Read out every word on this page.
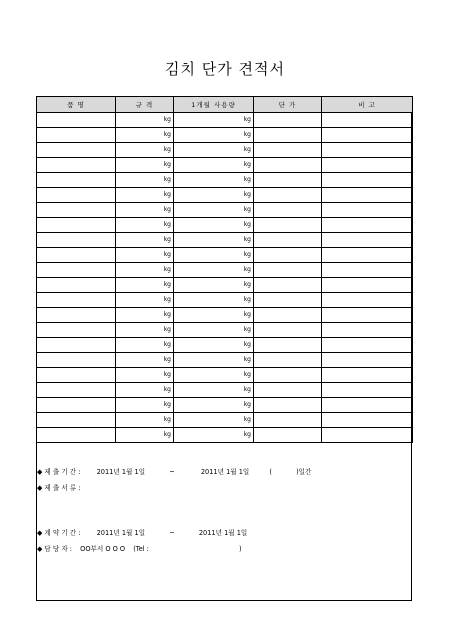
김치 단가 견적서
품 명	규 격	1개월 사용량	단 가	비 고
	kg	kg		
	kg	kg		
	kg	kg		
	kg	kg		
	kg	kg		
	kg	kg		
	kg	kg		
	kg	kg		
	kg	kg		
	kg	kg		
	kg	kg		
	kg	kg		
	kg	kg		
	kg	kg		
	kg	kg		
	kg	kg		
	kg	kg		
	kg	kg		
	kg	kg		
	kg	kg		
	kg	kg		
	kg	kg		
◆ 제 출 기 간 : 2011년 1월 1일	~	2011년 1월 1일	(	)일간
◆ 제 출 서 류 :
◆ 계 약 기 간 : 2011년 1월 1일	~	2011년 1월 1일
◆ 담 당 자 : OO부서 O O O (Tel :	)
